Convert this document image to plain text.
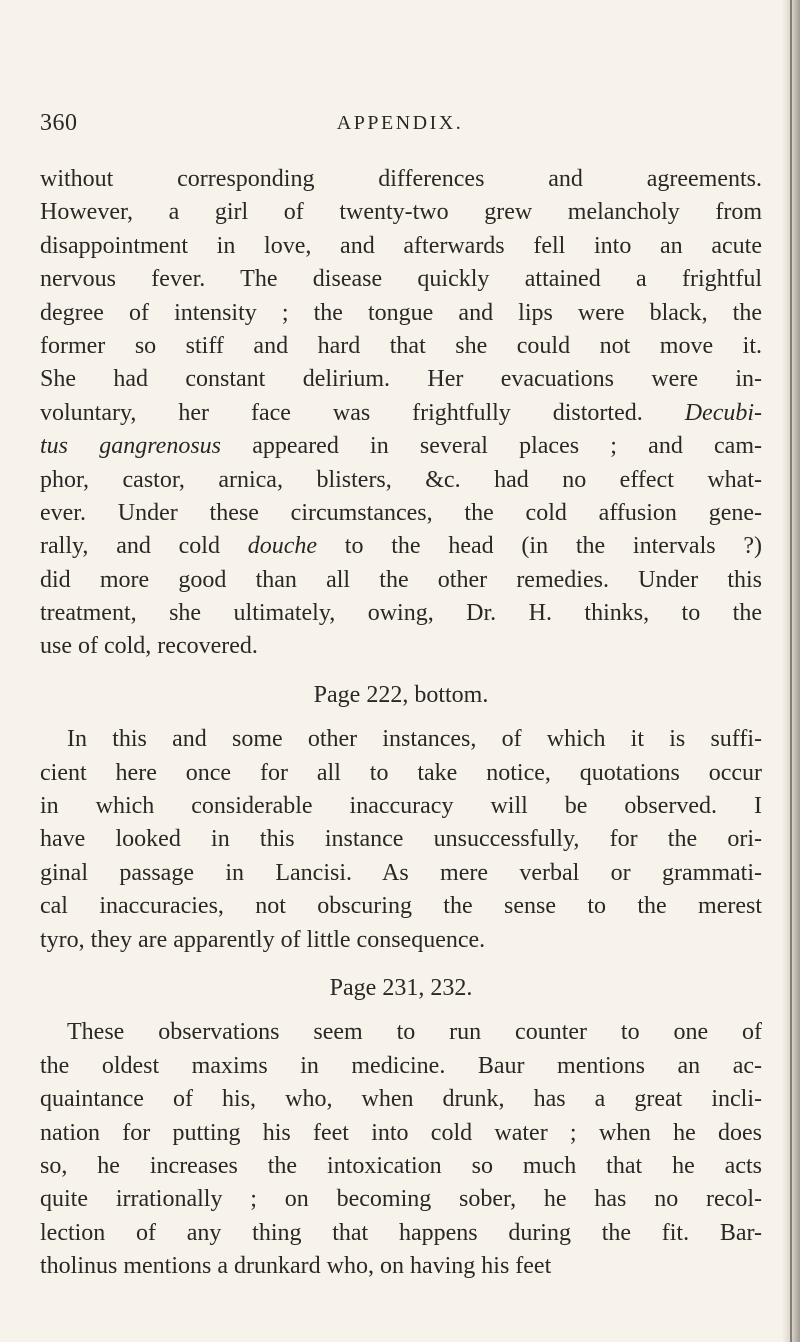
360	APPENDIX.
without corresponding differences and agreements.
However, a girl of twenty-two grew melancholy from
disappointment in love, and afterwards fell into an acute
nervous fever. The disease quickly attained a frightful
degree of intensity ; the tongue and lips were black, the
former so stiff and hard that she could not move it.
She had constant delirium. Her evacuations were in-
voluntary, her face was frightfully distorted. Decubi-
tus gangrenosus appeared in several places ; and cam-
phor, castor, arnica, blisters, &c. had no effect what-
ever. Under these circumstances, the cold affusion gene-
rally, and cold douche to the head (in the intervals ?)
did more good than all the other remedies. Under this
treatment, she ultimately, owing, Dr. H. thinks, to the
use of cold, recovered.
Page 222, bottom.
In this and some other instances, of which it is suffi-
cient here once for all to take notice, quotations occur
in which considerable inaccuracy will be observed. I
have looked in this instance unsuccessfully, for the ori-
ginal passage in Lancisi. As mere verbal or grammati-
cal inaccuracies, not obscuring the sense to the merest
tyro, they are apparently of little consequence.
Page 231, 232.
These observations seem to run counter to one of
the oldest maxims in medicine. Baur mentions an ac-
quaintance of his, who, when drunk, has a great incli-
nation for putting his feet into cold water ; when he does
so, he increases the intoxication so much that he acts
quite irrationally ; on becoming sober, he has no recol-
lection of any thing that happens during the fit. Bar-
tholinus mentions a drunkard who, on having his feet
